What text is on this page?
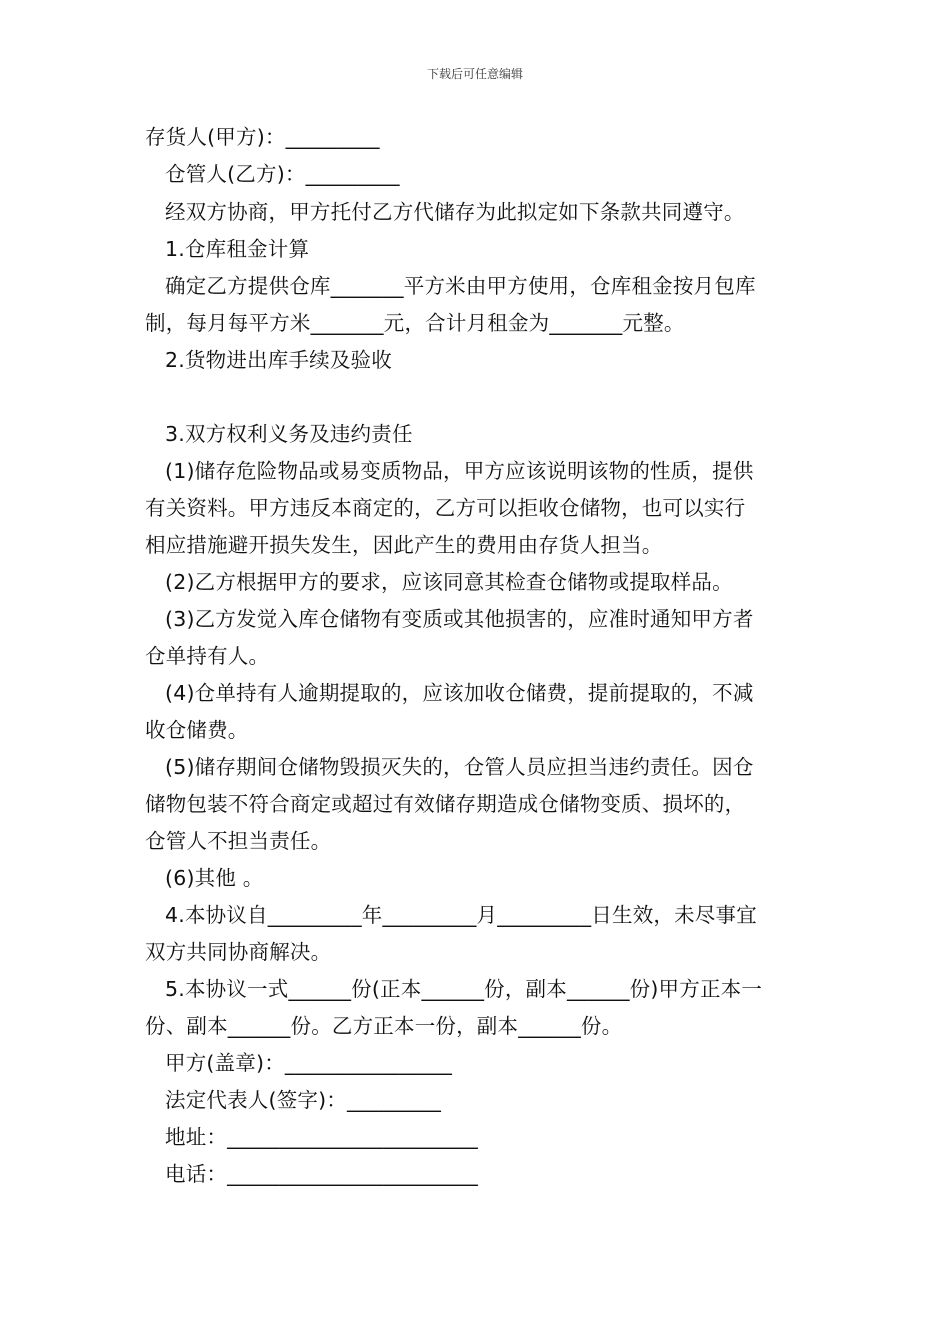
下载后可任意编辑
存货人(甲方)：_________
仓管人(乙方)：_________
经双方协商，甲方托付乙方代储存为此拟定如下条款共同遵守。
1.仓库租金计算
确定乙方提供仓库_______平方米由甲方使用，仓库租金按月包库
制，每月每平方米_______元，合计月租金为_______元整。
2.货物进出库手续及验收
3.双方权利义务及违约责任
(1)储存危险物品或易变质物品，甲方应该说明该物的性质，提供
有关资料。甲方违反本商定的，乙方可以拒收仓储物，也可以实行
相应措施避开损失发生，因此产生的费用由存货人担当。
(2)乙方根据甲方的要求，应该同意其检查仓储物或提取样品。
(3)乙方发觉入库仓储物有变质或其他损害的，应准时通知甲方者
仓单持有人。
(4)仓单持有人逾期提取的，应该加收仓储费，提前提取的，不减
收仓储费。
(5)储存期间仓储物毁损灭失的，仓管人员应担当违约责任。因仓
储物包装不符合商定或超过有效储存期造成仓储物变质、损坏的，
仓管人不担当责任。
(6)其他 。
4.本协议自_________年_________月_________日生效，未尽事宜
双方共同协商解决。
5.本协议一式______份(正本______份，副本______份)甲方正本一
份、副本______份。乙方正本一份，副本______份。
甲方(盖章)：________________
法定代表人(签字)：_________
地址：________________________
电话：________________________
